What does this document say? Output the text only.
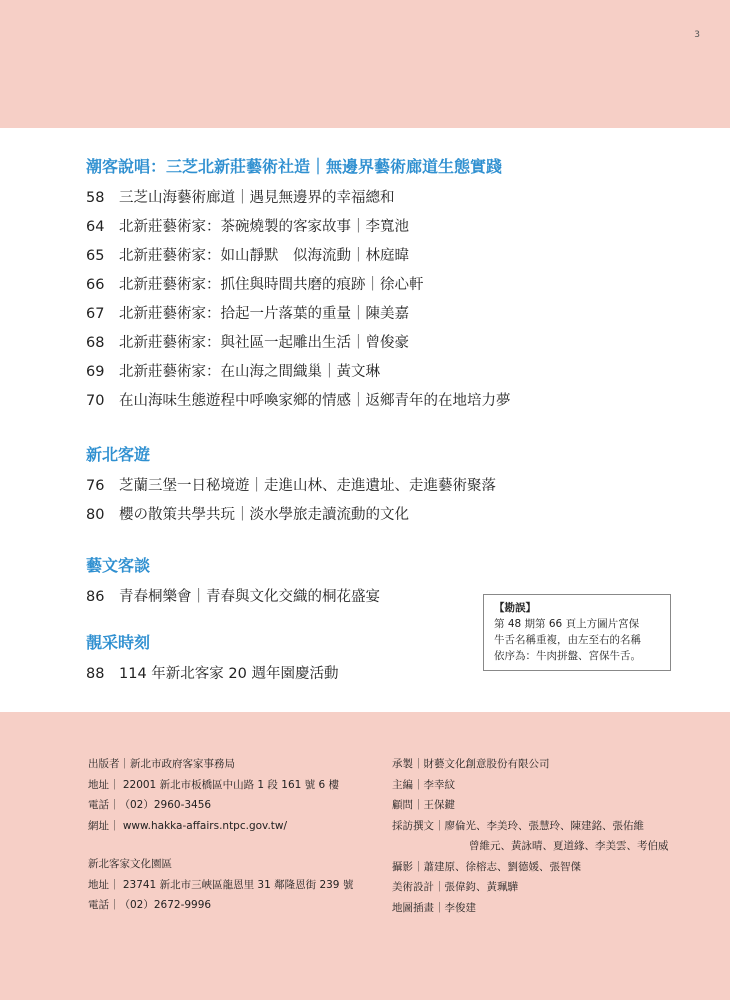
3
潮客說唱：三芝北新莊藝術社造｜無邊界藝術廊道生態實踐
58	三芝山海藝術廊道｜遇見無邊界的幸福總和
64	北新莊藝術家：茶碗燒製的客家故事｜李寬池
65	北新莊藝術家：如山靜默　似海流動｜林庭暐
66	北新莊藝術家：抓住與時間共磨的痕跡｜徐心軒
67	北新莊藝術家：拾起一片落葉的重量｜陳美嘉
68	北新莊藝術家：與社區一起雕出生活｜曾俊豪
69	北新莊藝術家：在山海之間織巢｜黃文琳
70	在山海味生態遊程中呼喚家鄉的情感｜返鄉青年的在地培力夢
新北客遊
76	芝蘭三堡一日秘境遊｜走進山林、走進遺址、走進藝術聚落
80	櫻の散策共學共玩｜淡水學旅走讀流動的文化
藝文客談
86	青春桐樂會｜青春與文化交織的桐花盛宴
靚采時刻
88	114 年新北客家 20 週年園慶活動
【勘誤】
第 48 期第 66 頁上方圖片宮保
牛舌名稱重複，由左至右的名稱
依序為：牛肉拼盤、宮保牛舌。
出版者｜新北市政府客家事務局
地址｜ 22001 新北市板橋區中山路 1 段 161 號 6 樓
電話｜（02）2960-3456
網址｜ www.hakka-affairs.ntpc.gov.tw/
新北客家文化園區
地址｜ 23741 新北市三峽區龍恩里 31 鄰隆恩街 239 號
電話｜（02）2672-9996
承製｜財藝文化創意股份有限公司
主編｜李幸紋
顧問｜王保鍵
採訪撰文｜廖倫光、李美玲、張慧玲、陳建銘、張佑維
曾維元、黃詠晴、夏道緣、李美雲、考伯威
攝影｜蕭建原、徐榕志、劉德媛、張智傑
美術設計｜張偉鈞、黃珮驊
地圖插畫｜李俊建
